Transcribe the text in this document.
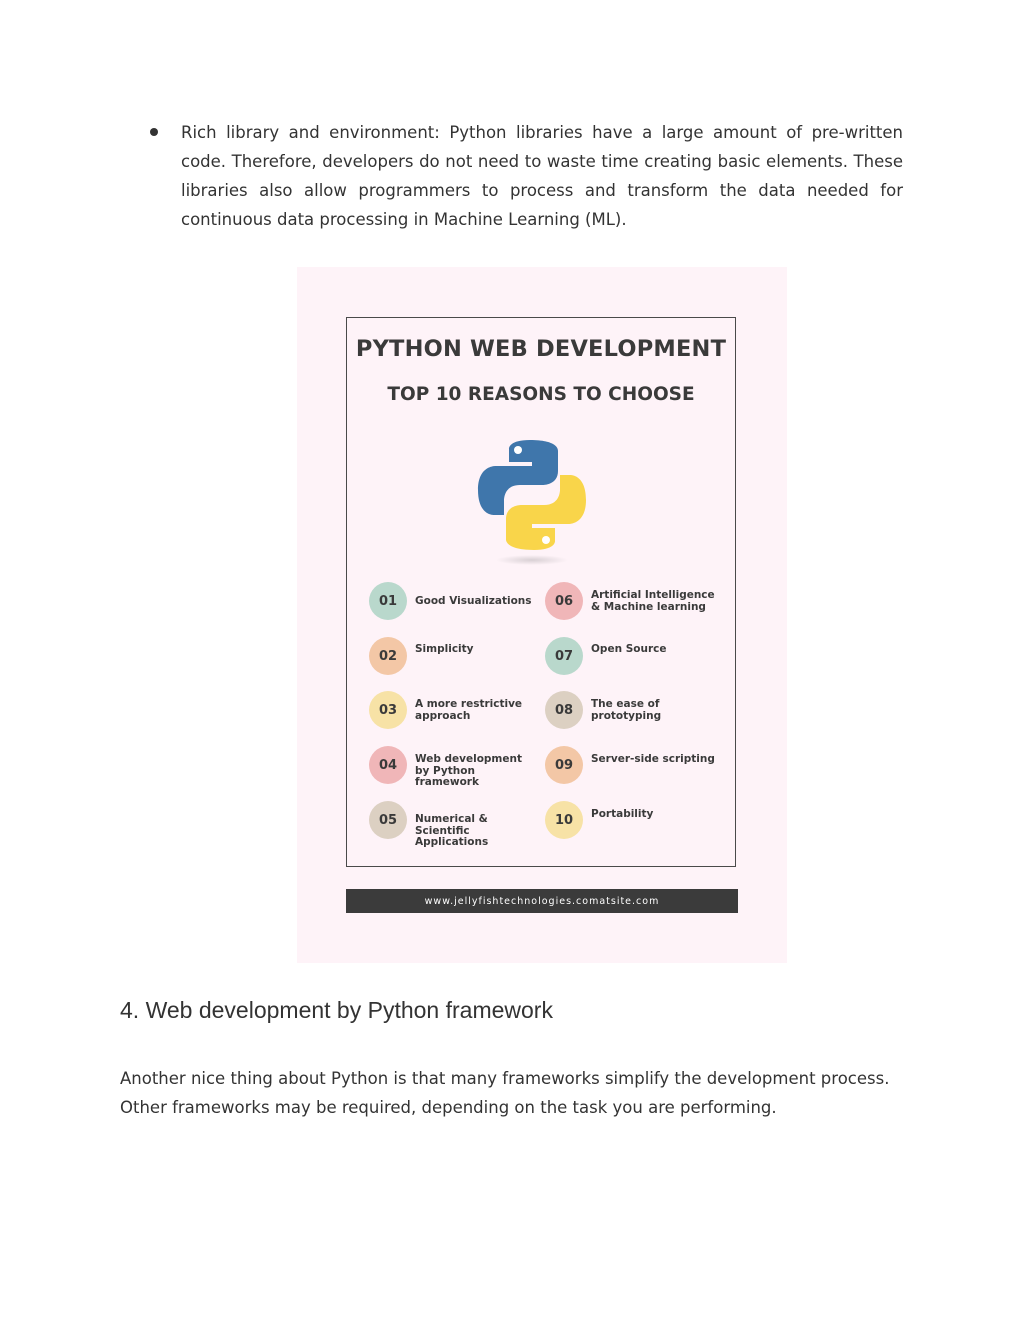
Rich library and environment: Python libraries have a large amount of pre-written code. Therefore, developers do not need to waste time creating basic elements. These libraries also allow programmers to process and transform the data needed for continuous data processing in Machine Learning (ML).
PYTHON WEB DEVELOPMENT
TOP 10 REASONS TO CHOOSE
01	Good Visualizations
02	Simplicity
03	A more restrictive approach
04	Web development by Python framework
05	Numerical & Scientific Applications
06	Artificial Intelligence & Machine learning
07	Open Source
08	The ease of prototyping
09	Server-side scripting
10	Portability
www.jellyfishtechnologies.comatsite.com
4. Web development by Python framework
Another nice thing about Python is that many frameworks simplify the development process. Other frameworks may be required, depending on the task you are performing.
